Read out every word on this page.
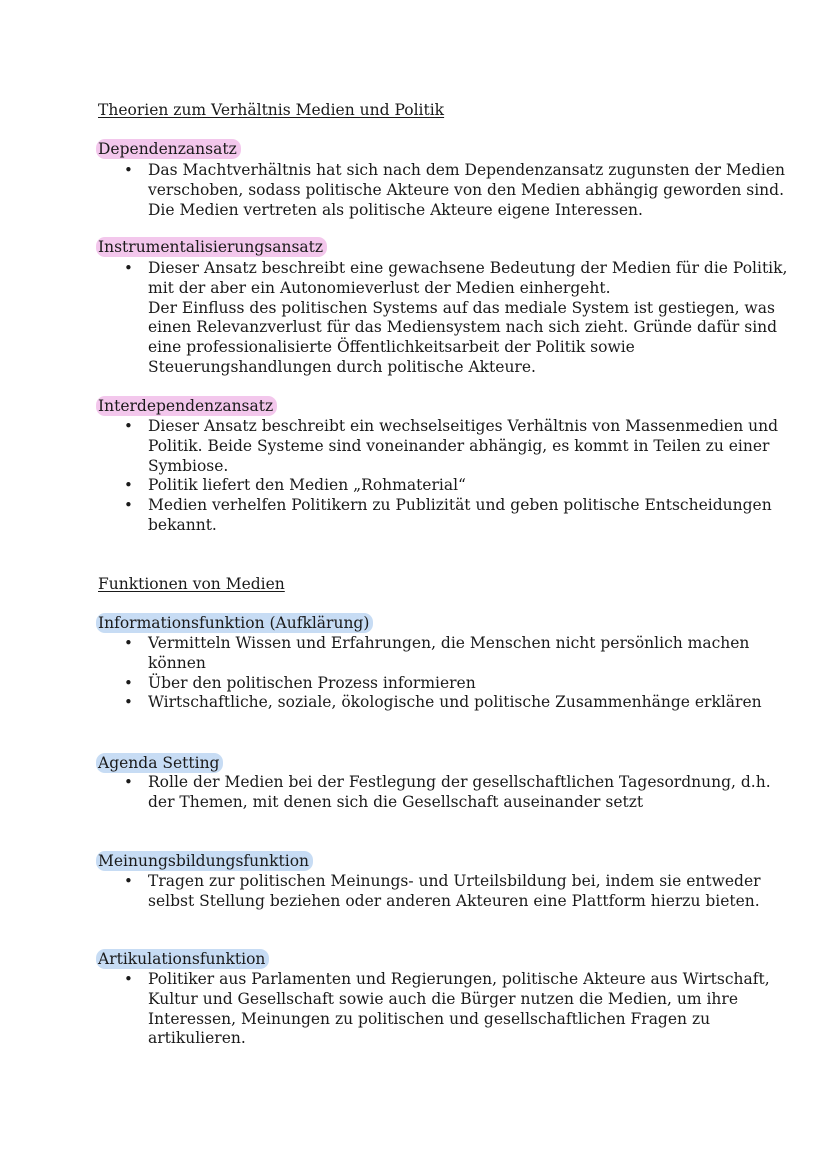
Theorien zum Verhältnis Medien und Politik
Dependenzansatz
• Das Machtverhältnis hat sich nach dem Dependenzansatz zugunsten der Medien
verschoben, sodass politische Akteure von den Medien abhängig geworden sind.
Die Medien vertreten als politische Akteure eigene Interessen.
Instrumentalisierungsansatz
• Dieser Ansatz beschreibt eine gewachsene Bedeutung der Medien für die Politik,
mit der aber ein Autonomieverlust der Medien einhergeht.
Der Einfluss des politischen Systems auf das mediale System ist gestiegen, was
einen Relevanzverlust für das Mediensystem nach sich zieht. Gründe dafür sind
eine professionalisierte Öffentlichkeitsarbeit der Politik sowie
Steuerungshandlungen durch politische Akteure.
Interdependenzansatz
• Dieser Ansatz beschreibt ein wechselseitiges Verhältnis von Massenmedien und
Politik. Beide Systeme sind voneinander abhängig, es kommt in Teilen zu einer
Symbiose.
• Politik liefert den Medien „Rohmaterial“
• Medien verhelfen Politikern zu Publizität und geben politische Entscheidungen
bekannt.
Funktionen von Medien
Informationsfunktion (Aufklärung)
• Vermitteln Wissen und Erfahrungen, die Menschen nicht persönlich machen
können
• Über den politischen Prozess informieren
• Wirtschaftliche, soziale, ökologische und politische Zusammenhänge erklären
Agenda Setting
• Rolle der Medien bei der Festlegung der gesellschaftlichen Tagesordnung, d.h.
der Themen, mit denen sich die Gesellschaft auseinander setzt
Meinungsbildungsfunktion
• Tragen zur politischen Meinungs- und Urteilsbildung bei, indem sie entweder
selbst Stellung beziehen oder anderen Akteuren eine Plattform hierzu bieten.
Artikulationsfunktion
• Politiker aus Parlamenten und Regierungen, politische Akteure aus Wirtschaft,
Kultur und Gesellschaft sowie auch die Bürger nutzen die Medien, um ihre
Interessen, Meinungen zu politischen und gesellschaftlichen Fragen zu
artikulieren.
